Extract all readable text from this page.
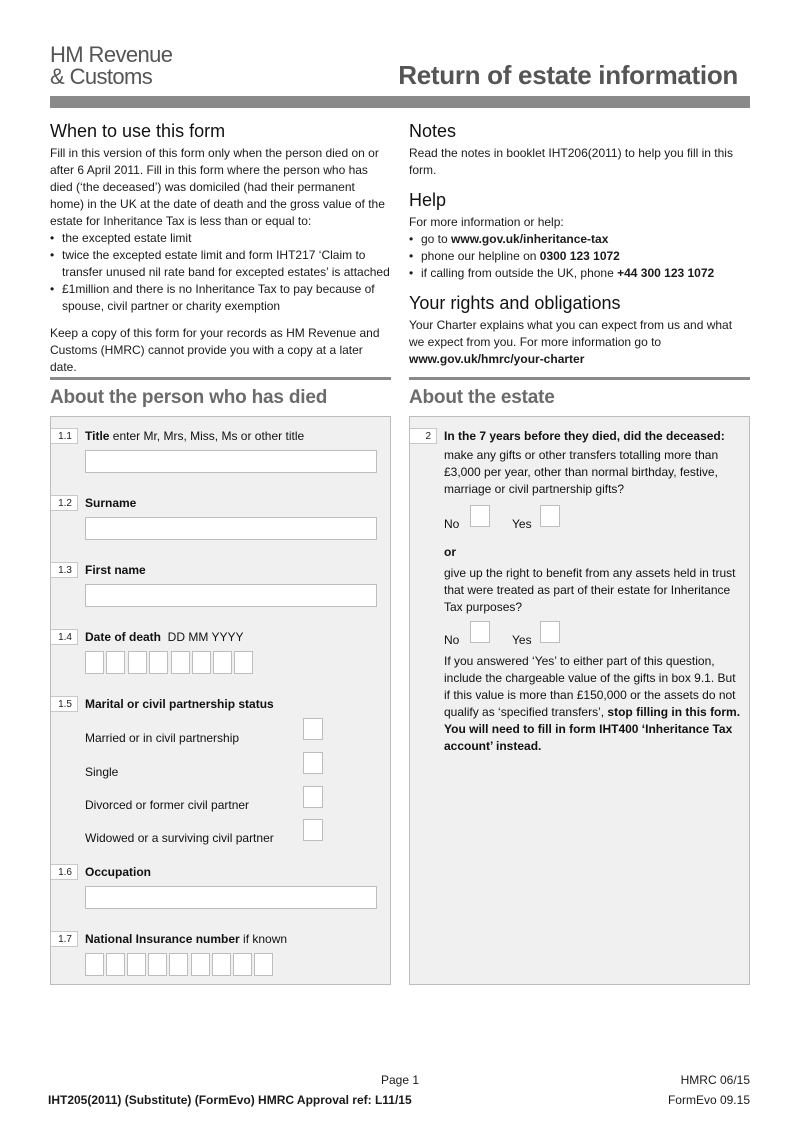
HM Revenue
& Customs	Return of estate information
When to use this form

Fill in this version of this form only when the person died on or after 6 April 2011. Fill in this form where the person who has died (‘the deceased’) was domiciled (had their permanent home) in the UK at the date of death and the gross value of the estate for Inheritance Tax is less than or equal to:

• the excepted estate limit
• twice the excepted estate limit and form IHT217 ‘Claim to transfer unused nil rate band for excepted estates’ is attached
• £1million and there is no Inheritance Tax to pay because of spouse, civil partner or charity exemption

Keep a copy of this form for your records as HM Revenue and Customs (HMRC) cannot provide you with a copy at a later date.

Notes

Read the notes in booklet IHT206(2011) to help you fill in this form.

Help

For more information or help:

• go to www.gov.uk/inheritance-tax
• phone our helpline on 0300 123 1072
• if calling from outside the UK, phone +44 300 123 1072
Your rights and obligations

Your Charter explains what you can expect from us and what we expect from you. For more information go to www.gov.uk/hmrc/your-charter

About the person who has died	About the estate
1.1	Title enter Mr, Mrs, Miss, Ms or other title
1.2	Surname
1.3	First name
1.4	Date of death  DD MM YYYY
1.5	Marital or civil partnership status
Married or in civil partnership
Single
Divorced or former civil partner
Widowed or a surviving civil partner
1.6	Occupation
1.7	National Insurance number if known
2	In the 7 years before they died, did the deceased:
make any gifts or other transfers totalling more than £3,000 per year, other than normal birthday, festive, marriage or civil partnership gifts?
No	Yes
or
give up the right to benefit from any assets held in trust that were treated as part of their estate for Inheritance Tax purposes?
No	Yes
If you answered ‘Yes’ to either part of this question, include the chargeable value of the gifts in box 9.1. But if this value is more than £150,000 or the assets do not qualify as ‘specified transfers’, stop filling in this form. You will need to fill in form IHT400 ‘Inheritance Tax account’ instead.
Page 1	HMRC 06/15
IHT205(2011) (Substitute) (FormEvo) HMRC Approval ref: L11/15	FormEvo 09.15
